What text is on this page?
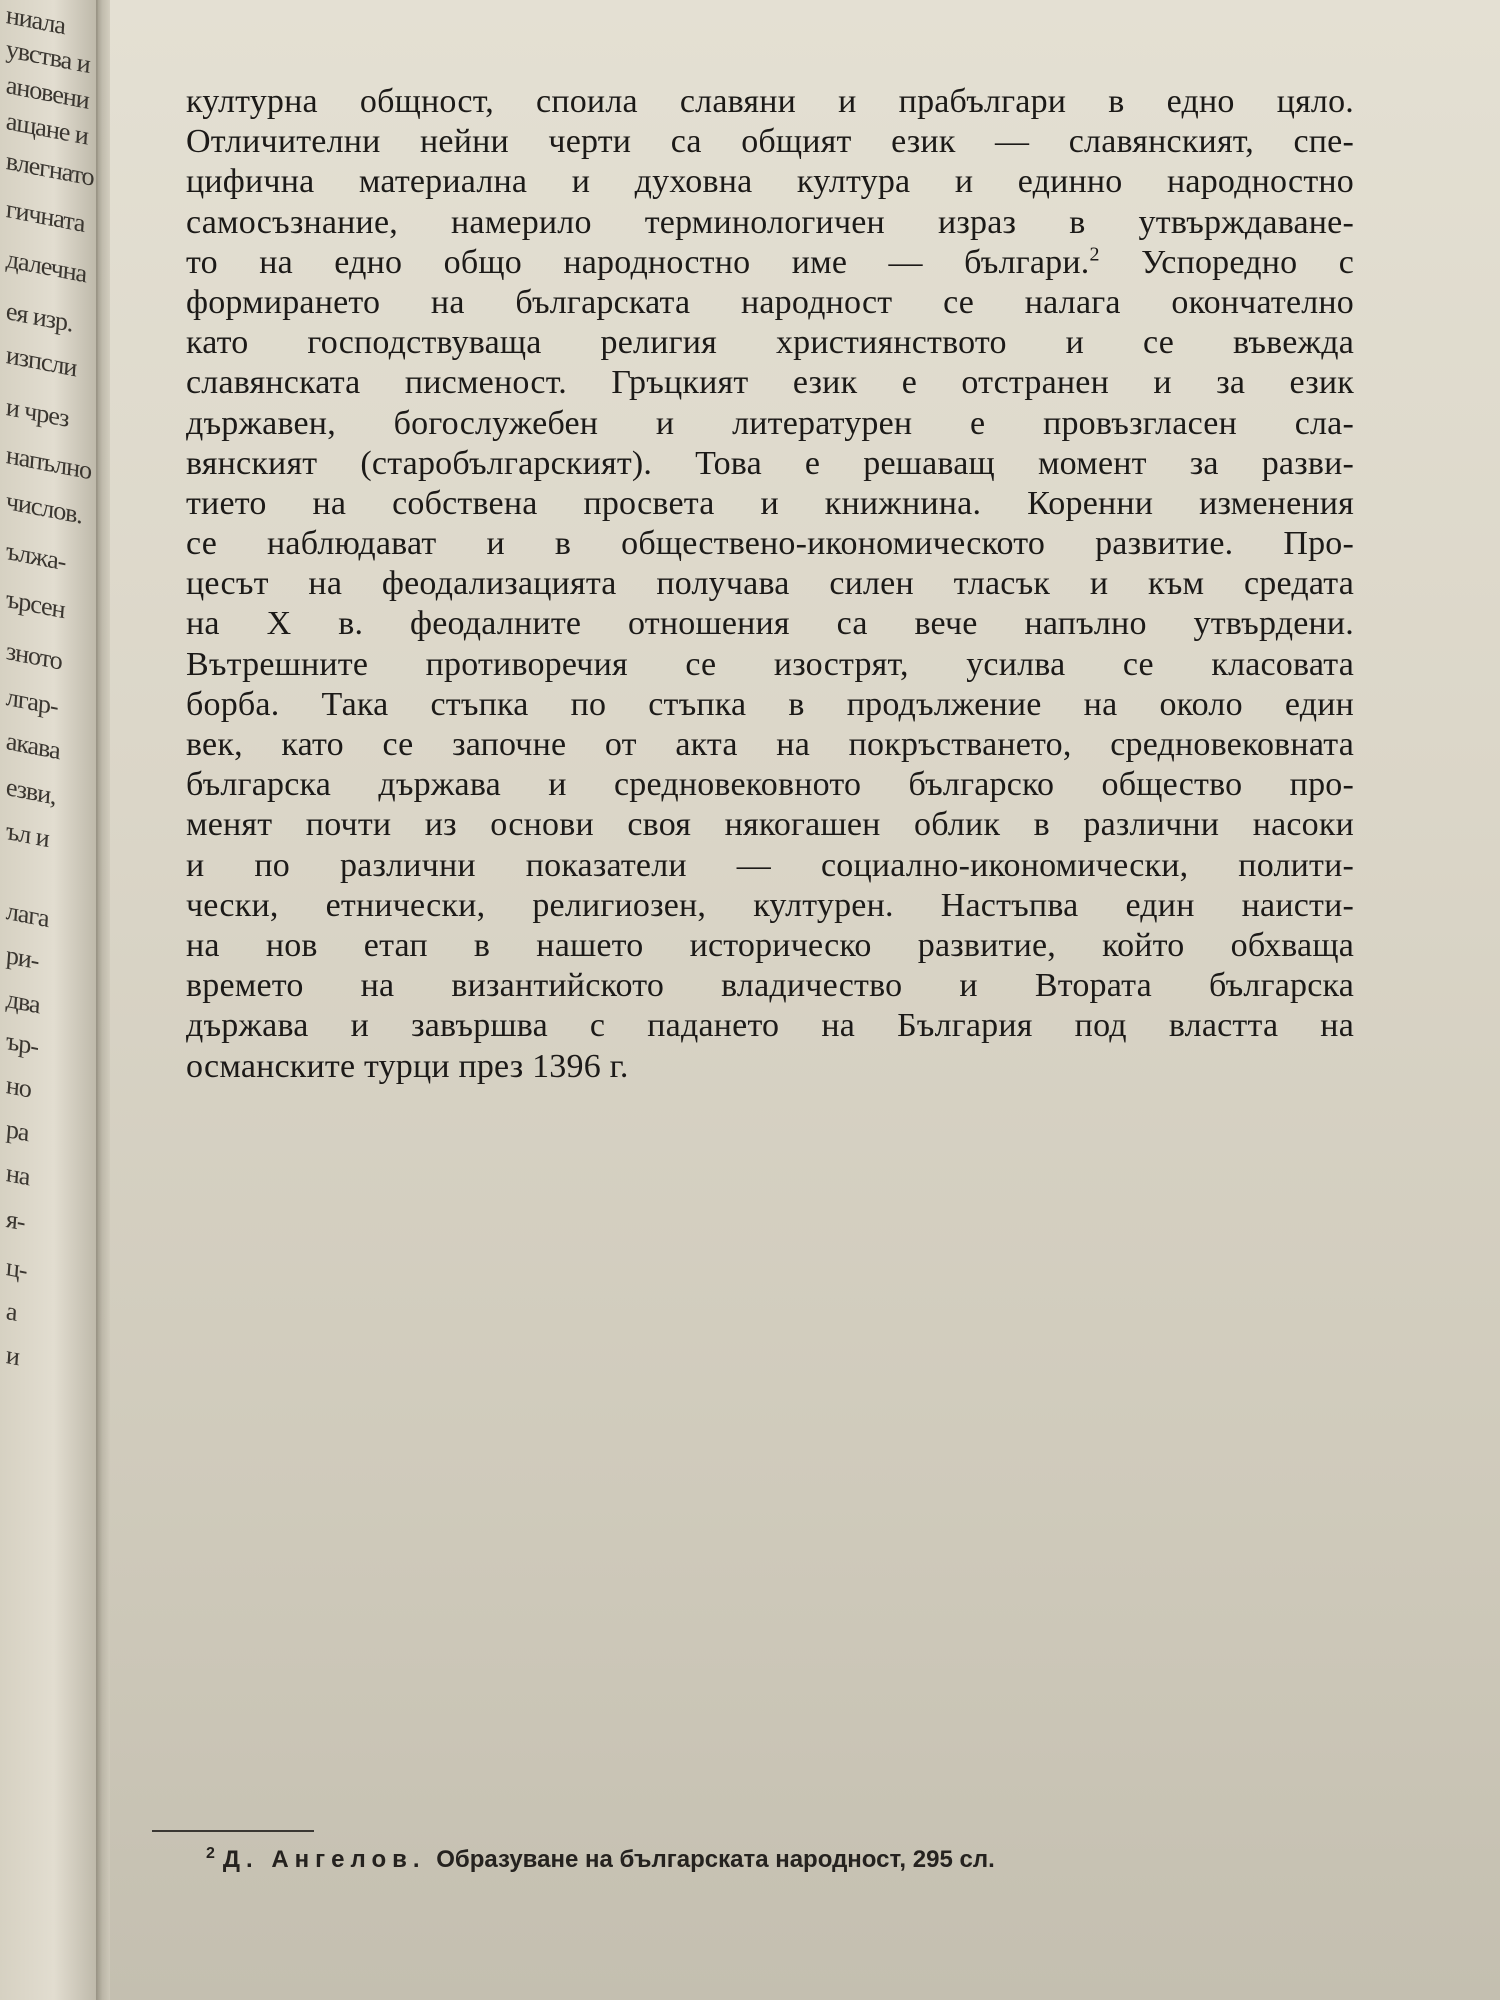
ниала
увства и
ановени
ащане и
влегнато
гичната
далечна
ея изр.
изпсли
и чрез
напълно
числов.
ължа-
ърсен
зното
лгар-
акава
езви,
ъл и
лага
ри-
два
ър-
но
ра
на
я-
ц-
а
и
културна общност, споила славяни и прабългари в едно цяло.
Отличителни нейни черти са общият език — славянският, спе-
цифична материална и духовна култура и единно народностно
самосъзнание, намерило терминологичен израз в утвърждаване-
то на едно общо народностно име — българи.$^2$ Успоредно с
формирането на българската народност се налага окончателно
като господствуваща религия християнството и се въвежда
славянската писменост. Гръцкият език е отстранен и за език
държавен, богослужебен и литературен е провъзгласен сла-
вянският (старобългарският). Това е решаващ момент за разви-
тието на собствена просвета и книжнина. Коренни изменения
се наблюдават и в обществено-икономическото развитие. Про-
цесът на феодализацията получава силен тласък и към средата
на X в. феодалните отношения са вече напълно утвърдени.
Вътрешните противоречия се изострят, усилва се класовата
борба. Така стъпка по стъпка в продължение на около един
век, като се започне от акта на покръстването, средновековната
българска държава и средновековното българско общество про-
менят почти из основи своя някогашен облик в различни насоки
и по различни показатели — социално-икономически, полити-
чески, етнически, религиозен, културен. Настъпва един наисти-
на нов етап в нашето историческо развитие, който обхваща
времето на византийското владичество и Втората българска
държава и завършва с падането на България под властта на
османските турци през 1396 г.
$^2$ Д. Ангелов. Образуване на българската народност, 295 сл.
